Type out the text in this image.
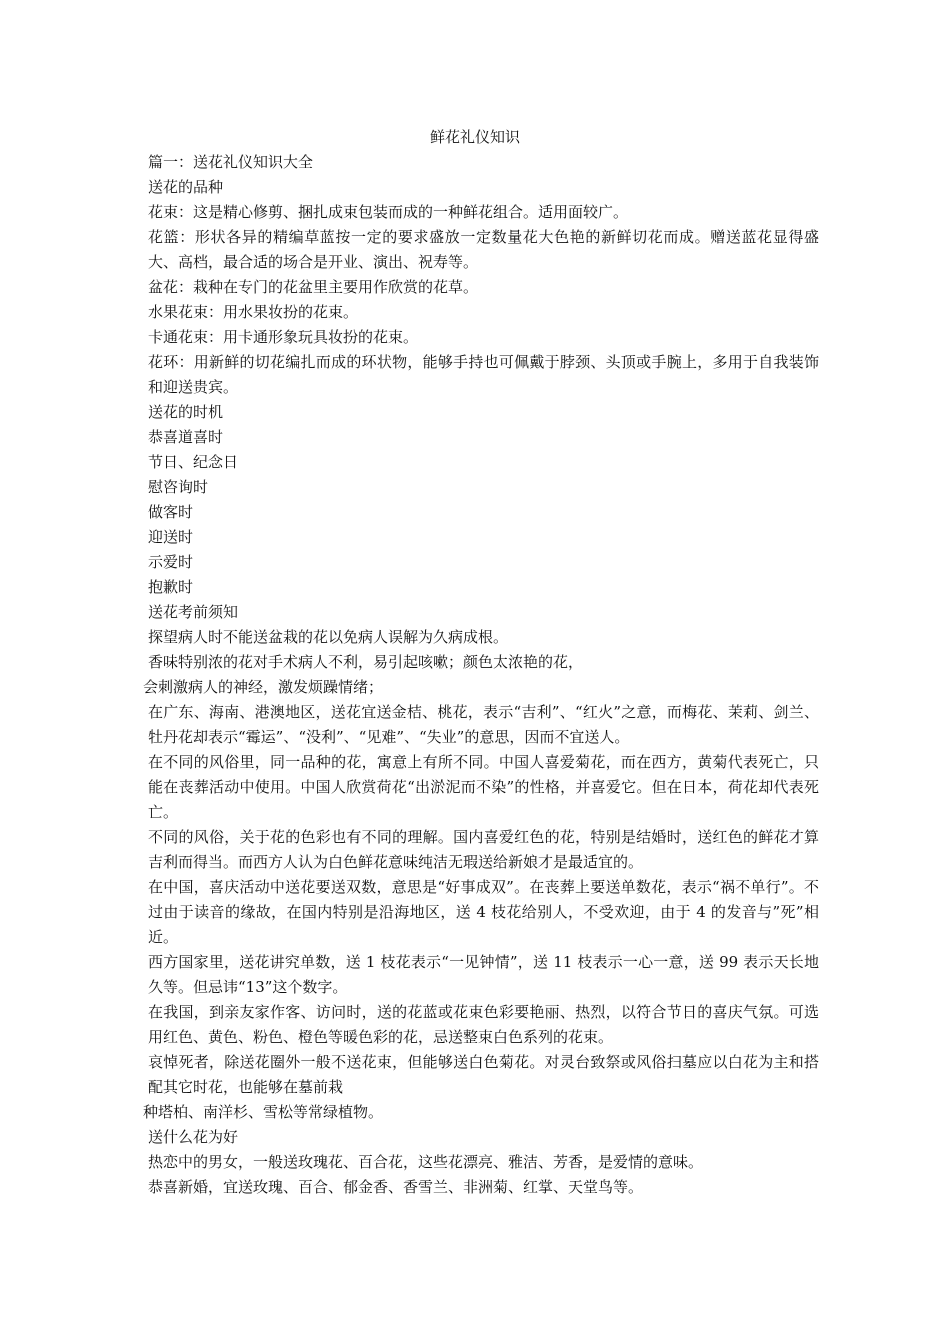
鲜花礼仪知识

篇一：送花礼仪知识大全

送花的品种

花束：这是精心修剪、捆扎成束包装而成的一种鲜花组合。适用面较广。

花篮：形状各异的精编草蓝按一定的要求盛放一定数量花大色艳的新鲜切花而成。赠送蓝花显得盛大、高档，最合适的场合是开业、演出、祝寿等。

盆花：栽种在专门的花盆里主要用作欣赏的花草。

水果花束：用水果妆扮的花束。

卡通花束：用卡通形象玩具妆扮的花束。

花环：用新鲜的切花编扎而成的环状物，能够手持也可佩戴于脖颈、头顶或手腕上，多用于自我装饰和迎送贵宾。

送花的时机

恭喜道喜时

节日、纪念日

慰咨询时

做客时

迎送时

示爱时

抱歉时

送花考前须知

探望病人时不能送盆栽的花以免病人误解为久病成根。

香味特别浓的花对手术病人不利，易引起咳嗽；颜色太浓艳的花，

会刺激病人的神经，激发烦躁情绪；

在广东、海南、港澳地区，送花宜送金桔、桃花，表示“吉利”、“红火”之意，而梅花、茉莉、剑兰、牡丹花却表示“霉运”、“没利”、“见难”、“失业”的意思，因而不宜送人。

在不同的风俗里，同一品种的花，寓意上有所不同。中国人喜爱菊花，而在西方，黄菊代表死亡，只能在丧葬活动中使用。中国人欣赏荷花“出淤泥而不染”的性格，并喜爱它。但在日本，荷花却代表死亡。

不同的风俗，关于花的色彩也有不同的理解。国内喜爱红色的花，特别是结婚时，送红色的鲜花才算吉利而得当。而西方人认为白色鲜花意味纯洁无瑕送给新娘才是最适宜的。

在中国，喜庆活动中送花要送双数，意思是“好事成双”。在丧葬上要送单数花，表示“祸不单行”。不过由于读音的缘故，在国内特别是沿海地区，送 4 枝花给别人，不受欢迎，由于 4 的发音与”死”相近。

西方国家里，送花讲究单数，送 1 枝花表示“一见钟情”，送 11 枝表示一心一意，送 99 表示天长地久等。但忌讳“13”这个数字。

在我国，到亲友家作客、访问时，送的花蓝或花束色彩要艳丽、热烈，以符合节日的喜庆气氛。可选用红色、黄色、粉色、橙色等暖色彩的花，忌送整束白色系列的花束。

哀悼死者，除送花圈外一般不送花束，但能够送白色菊花。对灵台致祭或风俗扫墓应以白花为主和搭配其它时花，也能够在墓前栽

种塔柏、南洋杉、雪松等常绿植物。

送什么花为好

热恋中的男女，一般送玫瑰花、百合花，这些花漂亮、雅洁、芳香，是爱情的意味。

恭喜新婚，宜送玫瑰、百合、郁金香、香雪兰、非洲菊、红掌、天堂鸟等。
